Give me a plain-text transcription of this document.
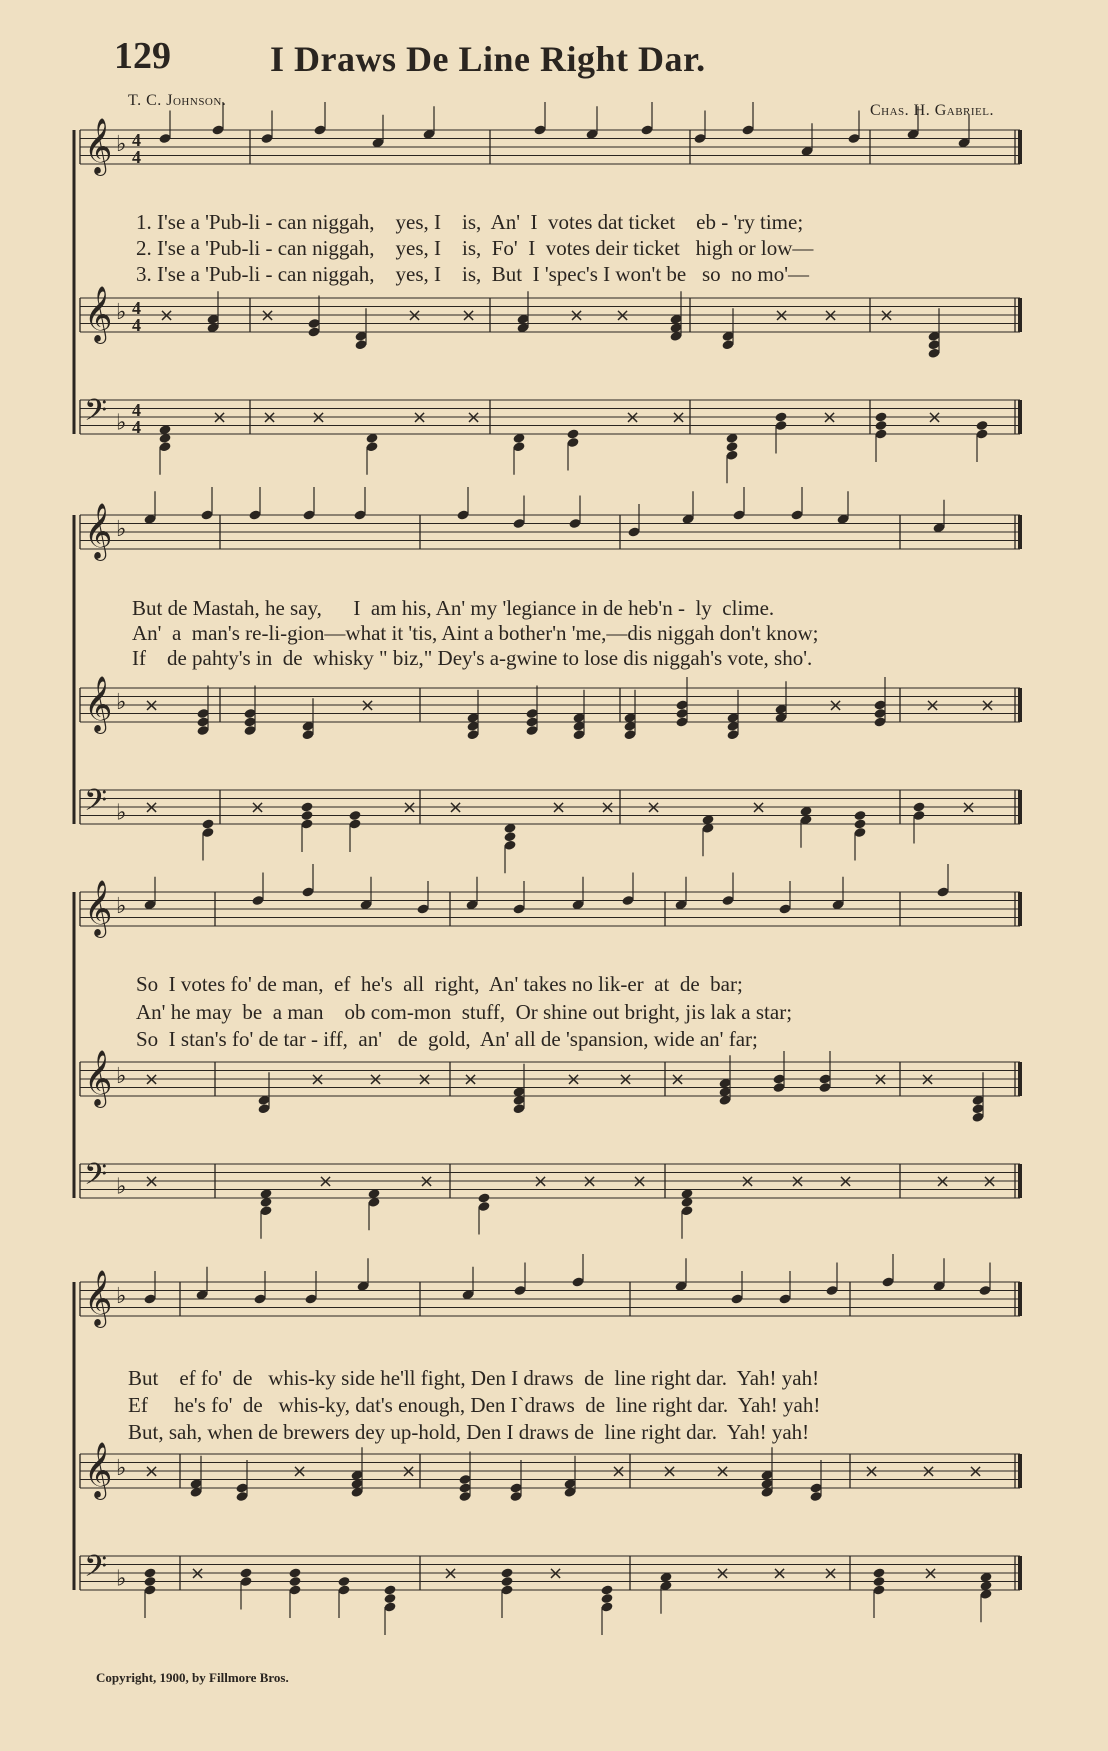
129	I Draws De Line Right Dar.
T. C. Johnson.
Chas. H. Gabriel.
𝄞 ♭ 4
4
𝄞 ♭ 4
4 ×	×	× ×	× ×	× × ×
𝄢 ♭
4
4	× × ×	× ×	× ×	×	×
𝄞 ♭
𝄞 ♭ ×	×	×	× ×
𝄢 ♭ ×	×	× ×	× × ×	×	×
𝄞 ♭
𝄞 ♭ ×	× × × ×	× × ×	× ×
𝄢 ♭ ×	×	×	× × ×	× × ×	× ×
𝄞 ♭
𝄞 ♭ ×	×	×	× × ×	× × ×
𝄢 ♭	×	×	×	× × ×	×
1. I'se a 'Pub-li - can niggah,    yes, I    is,  An'  I  votes dat ticket    eb - 'ry time;
2. I'se a 'Pub-li - can niggah,    yes, I    is,  Fo'  I  votes deir ticket   high or low—
3. I'se a 'Pub-li - can niggah,    yes, I    is,  But  I 'spec's I won't be   so  no mo'—
But de Mastah, he say,      I  am his, An' my 'legiance in de heb'n -  ly  clime.
An'  a  man's re-li-gion—what it 'tis, Aint a bother'n 'me,—dis niggah don't know;
If    de pahty's in  de  whisky " biz," Dey's a-gwine to lose dis niggah's vote, sho'.
So  I votes fo' de man,  ef  he's  all  right,  An' takes no lik-er  at  de  bar;
An' he may  be  a man    ob com-mon  stuff,  Or shine out bright, jis lak a star;
So  I stan's fo' de tar - iff,  an'   de  gold,  An' all de 'spansion, wide an' far;
But    ef fo'  de   whis-ky side he'll fight, Den I draws  de  line right dar.  Yah! yah!
Ef     he's fo'  de   whis-ky, dat's enough, Den I`draws  de  line right dar.  Yah! yah!
But, sah, when de brewers dey up-hold, Den I draws de  line right dar.  Yah! yah!
Copyright, 1900, by Fillmore Bros.
